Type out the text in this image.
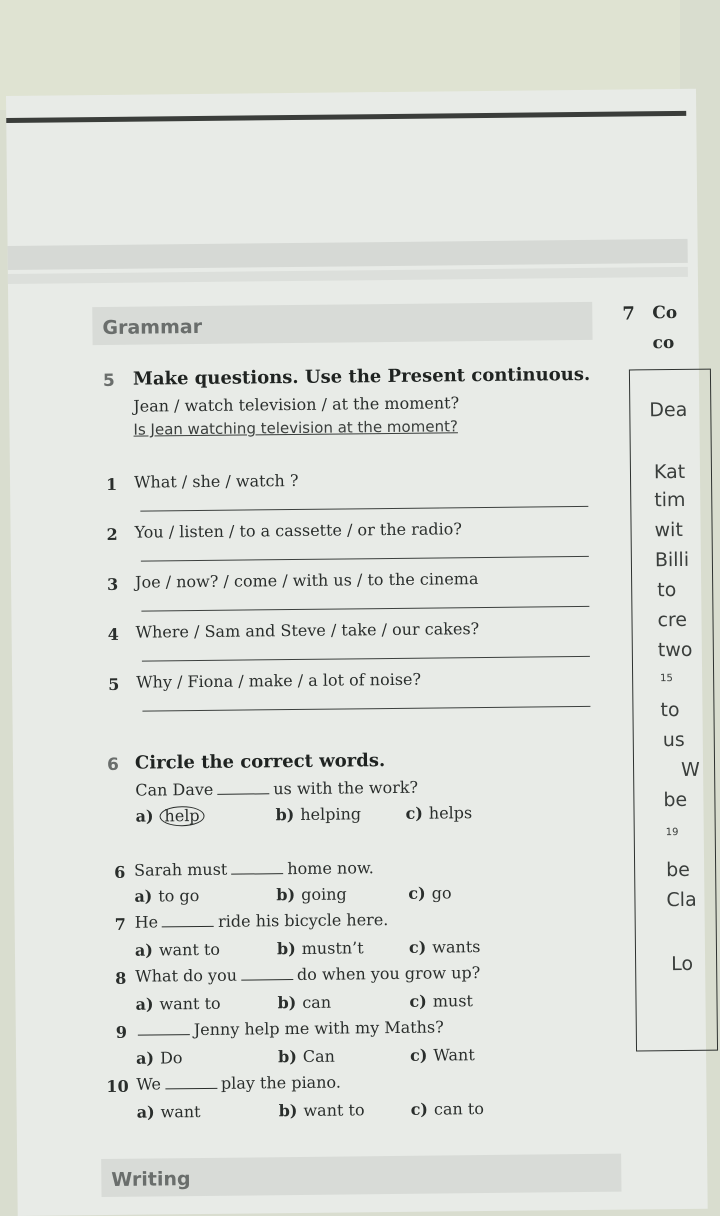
Grammar
5 Make questions. Use the Present continuous.
Jean / watch television / at the moment?
Is Jean watching television at the moment?
1 What / she / watch ?
2 You / listen / to a cassette / or the radio?
3 Joe / now? / come / with us / to the cinema
4 Where / Sam and Steve / take / our cakes?
5 Why / Fiona / make / a lot of noise?
6 Circle the correct words.
Can Dave	us with the work?
a) help	b) helping	c) helps
6 Sarah must	home now.
a) to go	b) going	c) go
7 He	ride his bicycle here.
a) want to	b) mustn’t	c) wants
8 What do you	do when you grow up?
a) want to	b) can	c) must
9	Jenny help me with my Maths?
a) Do	b) Can	c) Want
10 We	play the piano.
a) want	b) want to	c) can to
Writing
7 Co
co
Dea
Kat
tim
wit
Billi
to
cre
two
15
to
us
W
be
19
be
Cla
Lo
